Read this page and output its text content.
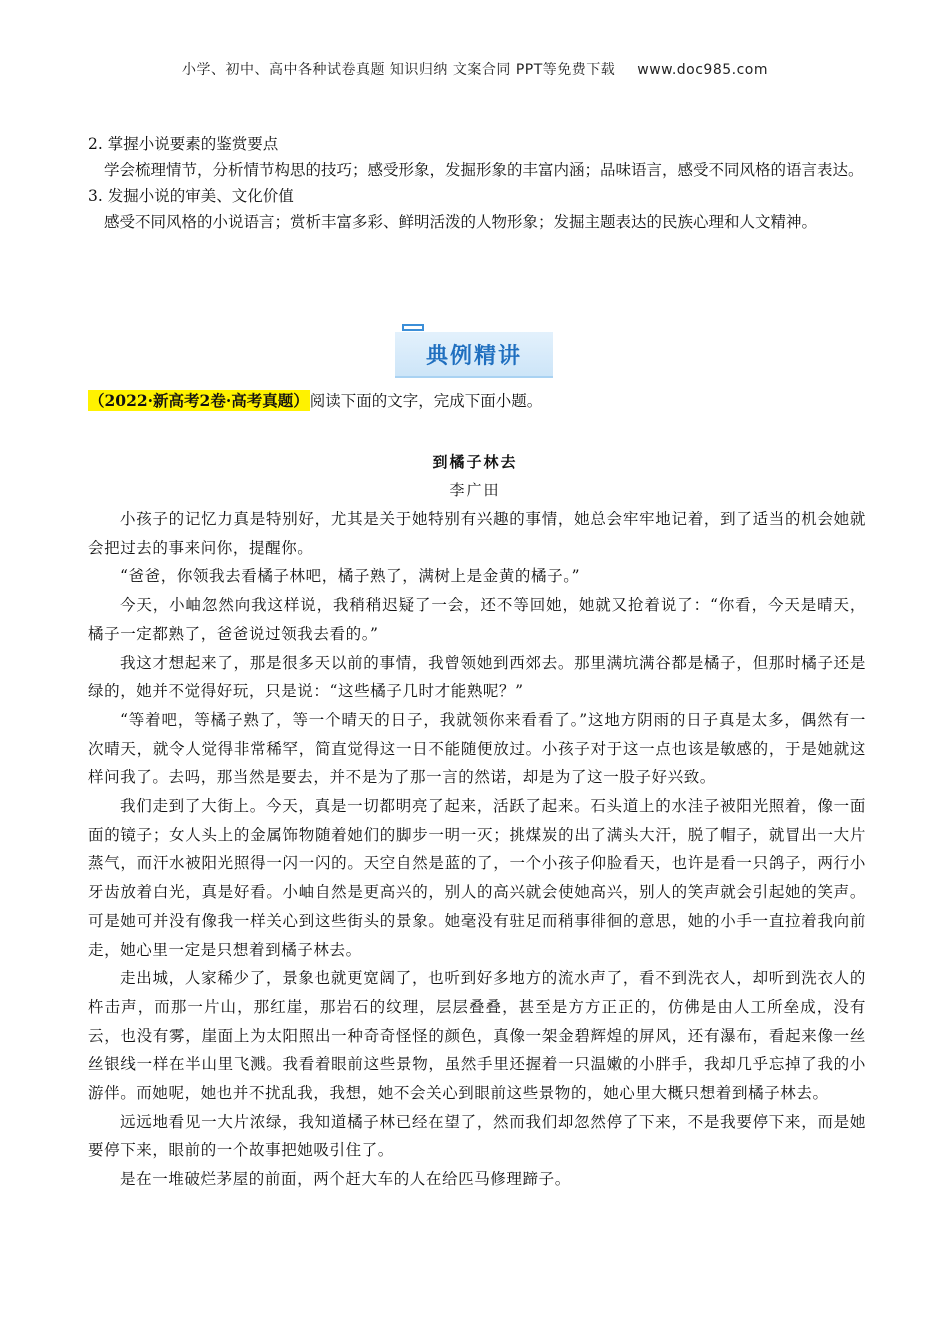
小学、初中、高中各种试卷真题 知识归纳 文案合同 PPT等免费下载 www.doc985.com

2. 掌握小说要素的鉴赏要点

学会梳理情节，分析情节构思的技巧；感受形象，发掘形象的丰富内涵；品味语言，感受不同风格的语言表达。

3. 发掘小说的审美、文化价值

感受不同风格的小说语言；赏析丰富多彩、鲜明活泼的人物形象；发掘主题表达的民族心理和人文精神。

典例精讲
（2022·新高考2卷·高考真题）阅读下面的文字，完成下面小题。
到橘子林去
李广田

小孩子的记忆力真是特别好，尤其是关于她特别有兴趣的事情，她总会牢牢地记着，到了适当的机会她就会把过去的事来问你，提醒你。

“爸爸，你领我去看橘子林吧，橘子熟了，满树上是金黄的橘子。”

今天，小岫忽然向我这样说，我稍稍迟疑了一会，还不等回她，她就又抢着说了：“你看，今天是晴天，橘子一定都熟了，爸爸说过领我去看的。”

我这才想起来了，那是很多天以前的事情，我曾领她到西郊去。那里满坑满谷都是橘子，但那时橘子还是绿的，她并不觉得好玩，只是说：“这些橘子几时才能熟呢？”

“等着吧，等橘子熟了，等一个晴天的日子，我就领你来看看了。”这地方阴雨的日子真是太多，偶然有一次晴天，就令人觉得非常稀罕，简直觉得这一日不能随便放过。小孩子对于这一点也该是敏感的，于是她就这样问我了。去吗，那当然是要去，并不是为了那一言的然诺，却是为了这一股子好兴致。

我们走到了大街上。今天，真是一切都明亮了起来，活跃了起来。石头道上的水洼子被阳光照着，像一面面的镜子；女人头上的金属饰物随着她们的脚步一明一灭；挑煤炭的出了满头大汗，脱了帽子，就冒出一大片蒸气，而汗水被阳光照得一闪一闪的。天空自然是蓝的了，一个小孩子仰脸看天，也许是看一只鸽子，两行小牙齿放着白光，真是好看。小岫自然是更高兴的，别人的高兴就会使她高兴，别人的笑声就会引起她的笑声。可是她可并没有像我一样关心到这些街头的景象。她毫没有驻足而稍事徘徊的意思，她的小手一直拉着我向前走，她心里一定是只想着到橘子林去。

走出城，人家稀少了，景象也就更宽阔了，也听到好多地方的流水声了，看不到洗衣人，却听到洗衣人的杵击声，而那一片山，那红崖，那岩石的纹理，层层叠叠，甚至是方方正正的，仿佛是由人工所垒成，没有云，也没有雾，崖面上为太阳照出一种奇奇怪怪的颜色，真像一架金碧辉煌的屏风，还有瀑布，看起来像一丝丝银线一样在半山里飞溅。我看着眼前这些景物，虽然手里还握着一只温嫩的小胖手，我却几乎忘掉了我的小游伴。而她呢，她也并不扰乱我，我想，她不会关心到眼前这些景物的，她心里大概只想着到橘子林去。

远远地看见一大片浓绿，我知道橘子林已经在望了，然而我们却忽然停了下来，不是我要停下来，而是她要停下来，眼前的一个故事把她吸引住了。

是在一堆破烂茅屋的前面，两个赶大车的人在给匹马修理蹄子。
